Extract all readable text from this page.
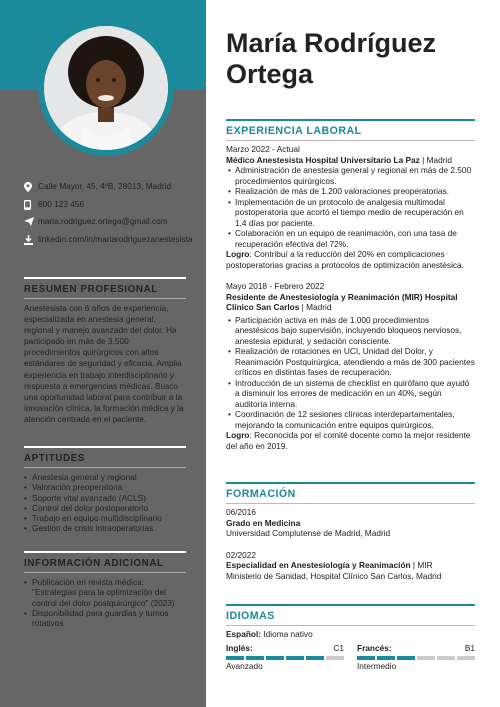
Calle Mayor, 45, 4ºB, 28013, Madrid
600 123 456
maria.rodriguez.ortega@gmail.com
linkedin.com/in/mariarodriguezanestesista
RESUMEN PROFESIONAL
Anestesista con 6 años de experiencia, especializada en anestesia general, regional y manejo avanzado del dolor. Ha participado en más de 3.500 procedimientos quirúrgicos con altos estándares de seguridad y eficacia. Amplia experiencia en trabajo interdisciplinario y respuesta a emergencias médicas. Busco una oportunidad laboral para contribuir a la innovación clínica, la formación médica y la atención centrada en el paciente.
APTITUDES
• Anestesia general y regional
• Valoración preoperatoria
• Soporte vital avanzado (ACLS)
• Control del dolor postoperatorio
• Trabajo en equipo multidisciplinario
• Gestión de crisis intraoperatorias
INFORMACIÓN ADICIONAL
• Publicación en revista médica: "Estrategias para la optimización del control del dolor postquirúrgico" (2023)
• Disponibilidad para guardias y turnos rotativos
María Rodríguez
Ortega
EXPERIENCIA LABORAL
Marzo 2022 - Actual
Médico Anestesista Hospital Universitario La Paz | Madrid
• Administración de anestesia general y regional en más de 2.500 procedimientos quirúrgicos.
• Realización de más de 1.200 valoraciones preoperatorias.
• Implementación de un protocolo de analgesia multimodal postoperatoria que acortó el tiempo medio de recuperación en 1,4 días por paciente.
• Colaboración en un equipo de reanimación, con una tasa de recuperación efectiva del 72%.
Logro: Contribuí a la reducción del 20% en complicaciones postoperatorias gracias a protocolos de optimización anestésica.
Mayo 2018 - Febrero 2022
Residente de Anestesiología y Reanimación (MIR) Hospital Clínico San Carlos | Madrid
• Participación activa en más de 1.000 procedimientos anestésicos bajo supervisión, incluyendo bloqueos nerviosos, anestesia epidural, y sedación consciente.
• Realización de rotaciones en UCI, Unidad del Dolor, y Reanimación Postquirúrgica, atendiendo a más de 300 pacientes críticos en distintas fases de recuperación.
• Introducción de un sistema de checklist en quirófano que ayudó a disminuir los errores de medicación en un 40%, según auditoría interna.
• Coordinación de 12 sesiones clínicas interdepartamentales, mejorando la comunicación entre equipos quirúrgicos.
Logro: Reconocida por el comité docente como la mejor residente del año en 2019.
FORMACIÓN
06/2016
Grado en Medicina
Universidad Complutense de Madrid, Madrid
02/2022
Especialidad en Anestesiología y Reanimación | MIR
Ministerio de Sanidad, Hospital Clínico San Carlos, Madrid
IDIOMAS
Español: Idioma nativo
Inglés:	C1
Avanzado
Francés:	B1
Intermedio
